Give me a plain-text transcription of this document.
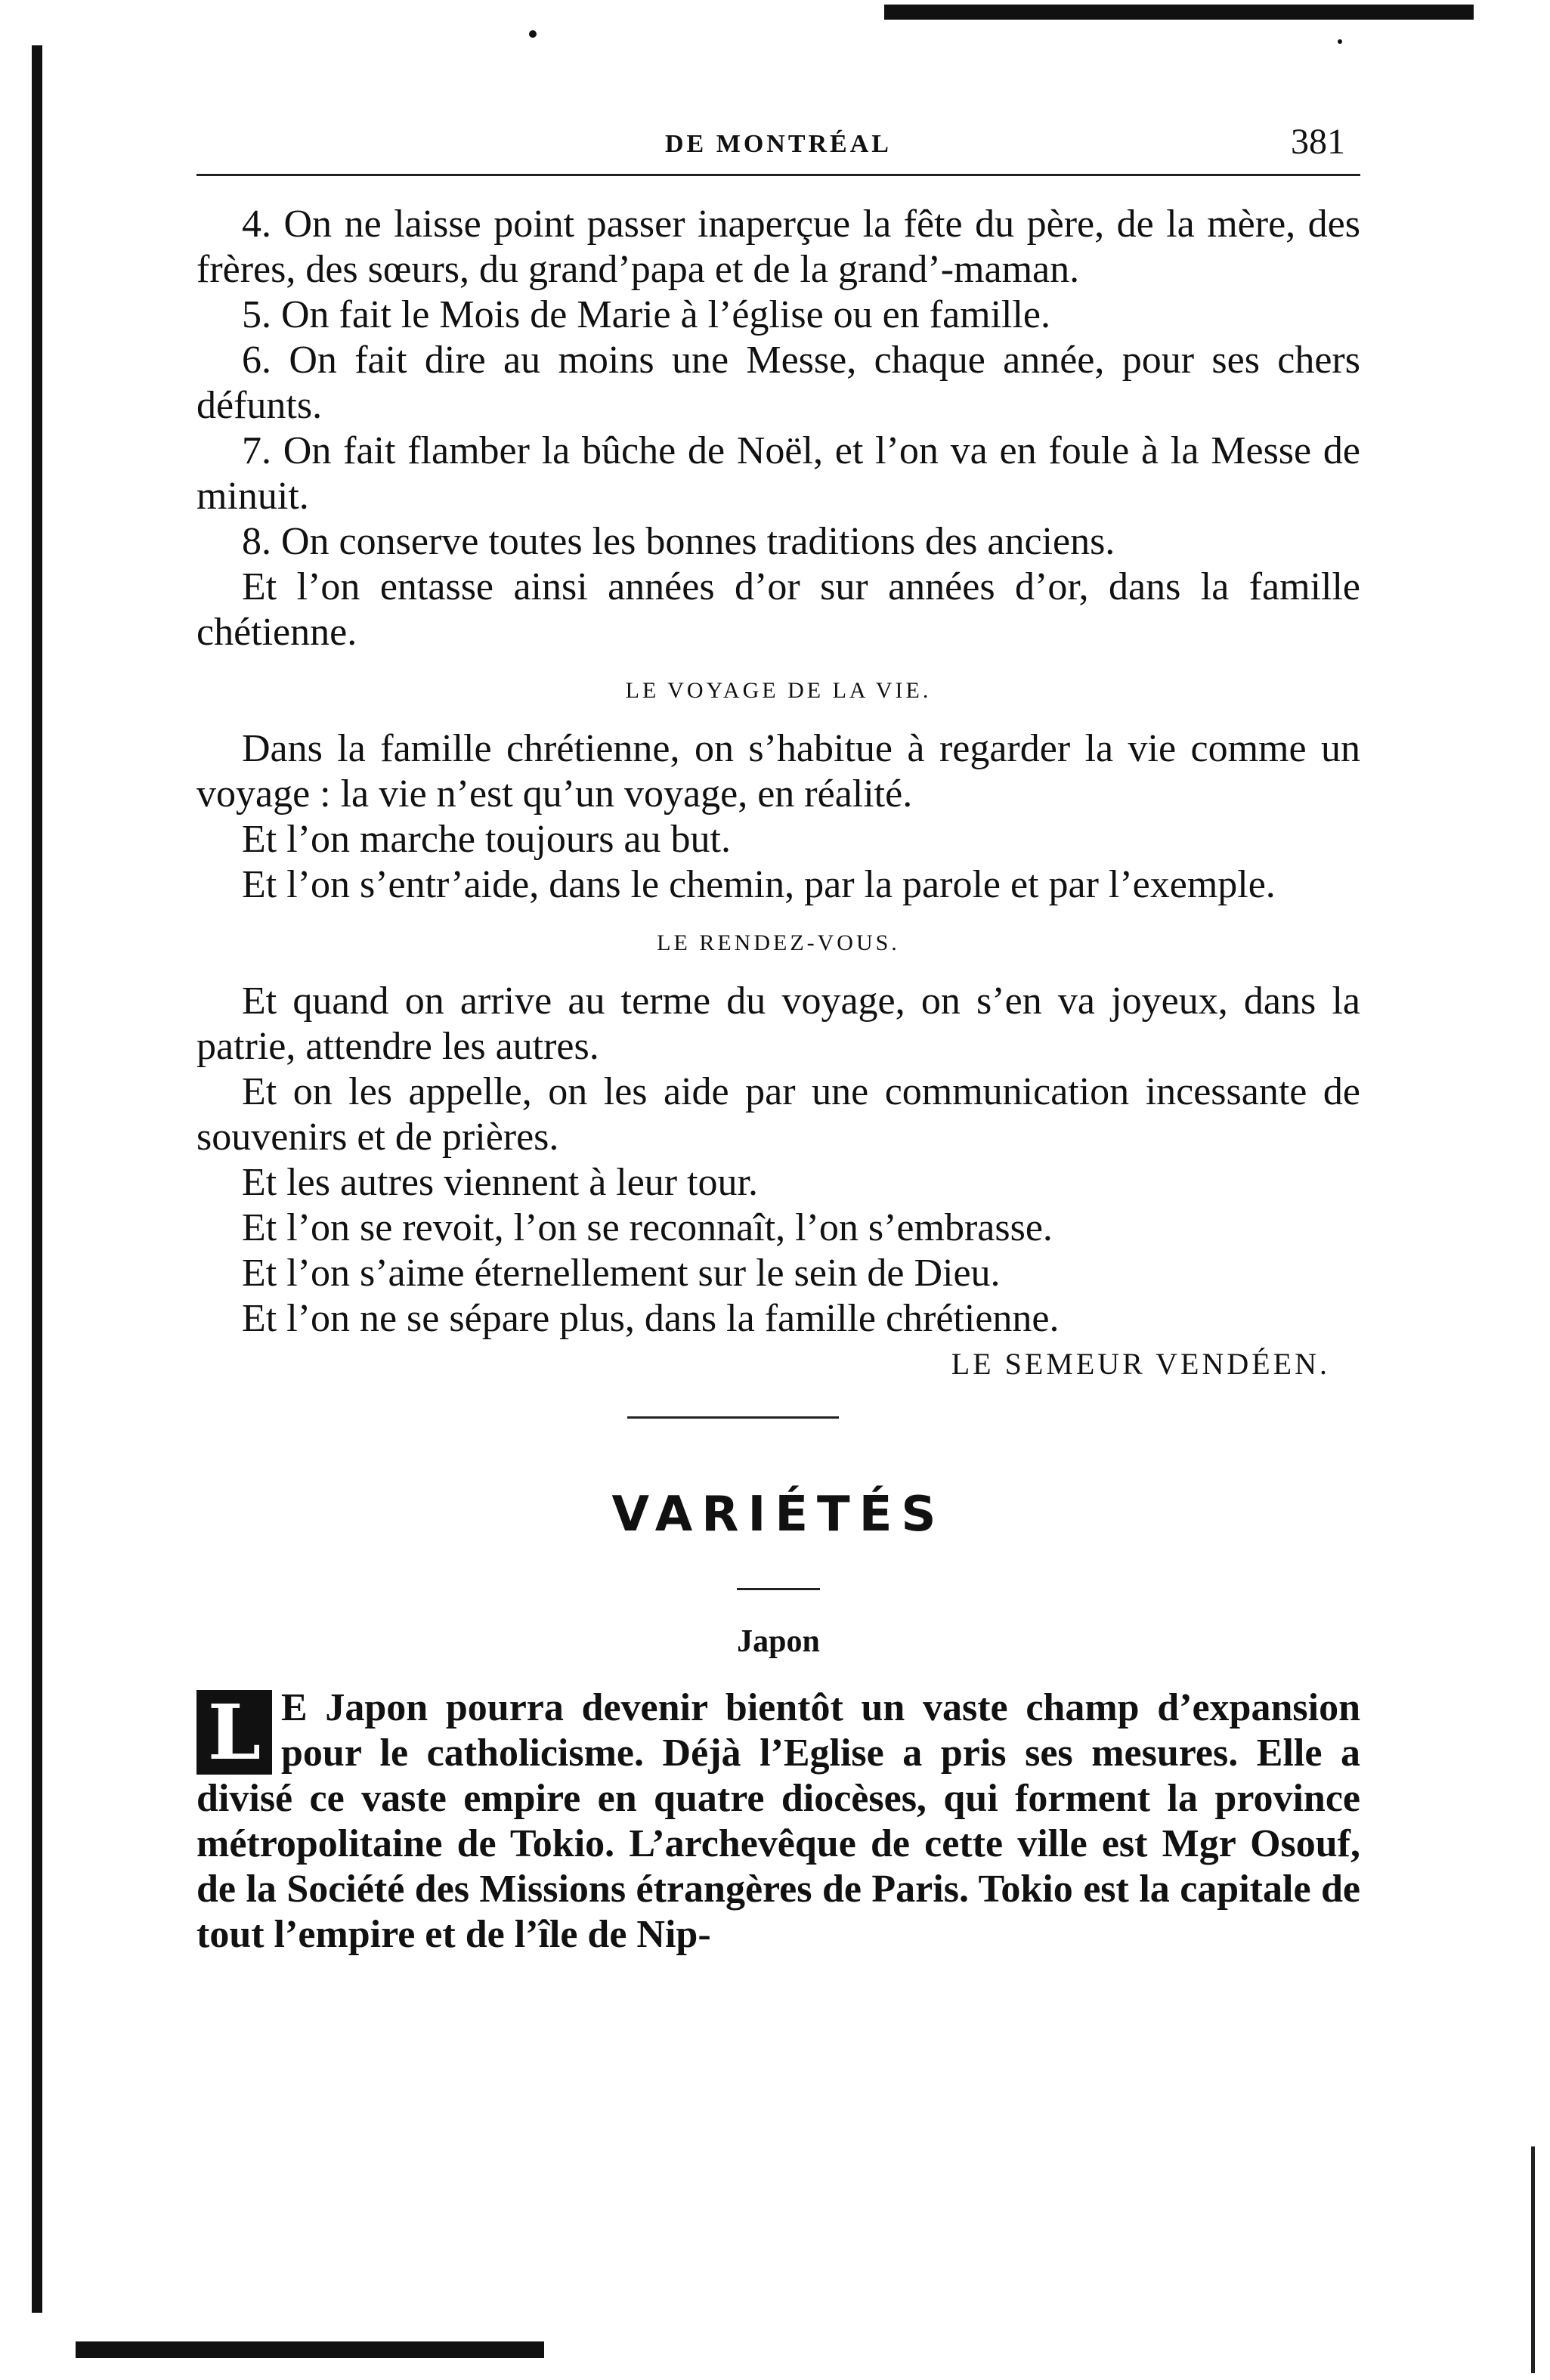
DE MONTRÉAL	381

4. On ne laisse point passer inaperçue la fête du père, de la mère, des frères, des sœurs, du grand’papa et de la grand’-maman.

5. On fait le Mois de Marie à l’église ou en famille.

6. On fait dire au moins une Messe, chaque année, pour ses chers défunts.

7. On fait flamber la bûche de Noël, et l’on va en foule à la Messe de minuit.

8. On conserve toutes les bonnes traditions des anciens.

Et l’on entasse ainsi années d’or sur années d’or, dans la famille chétienne.

LE VOYAGE DE LA VIE.

Dans la famille chrétienne, on s’habitue à regarder la vie comme un voyage : la vie n’est qu’un voyage, en réalité.

Et l’on marche toujours au but.

Et l’on s’entr’aide, dans le chemin, par la parole et par l’exemple.

LE RENDEZ-VOUS.

Et quand on arrive au terme du voyage, on s’en va joyeux, dans la patrie, attendre les autres.

Et on les appelle, on les aide par une communication incessante de souvenirs et de prières.

Et les autres viennent à leur tour.

Et l’on se revoit, l’on se reconnaît, l’on s’embrasse.

Et l’on s’aime éternellement sur le sein de Dieu.

Et l’on ne se sépare plus, dans la famille chrétienne.

LE SEMEUR VENDÉEN.
VARIÉTÉS
Japon
L E Japon pourra devenir bientôt un vaste champ d’expansion pour le catholicisme. Déjà l’Eglise a pris ses mesures. Elle a divisé ce vaste empire en quatre diocèses, qui forment la province métropolitaine de Tokio. L’archevêque de cette ville est Mgr Osouf, de la Société des Missions étrangères de Paris. Tokio est la capitale de tout l’empire et de l’île de Nip-
